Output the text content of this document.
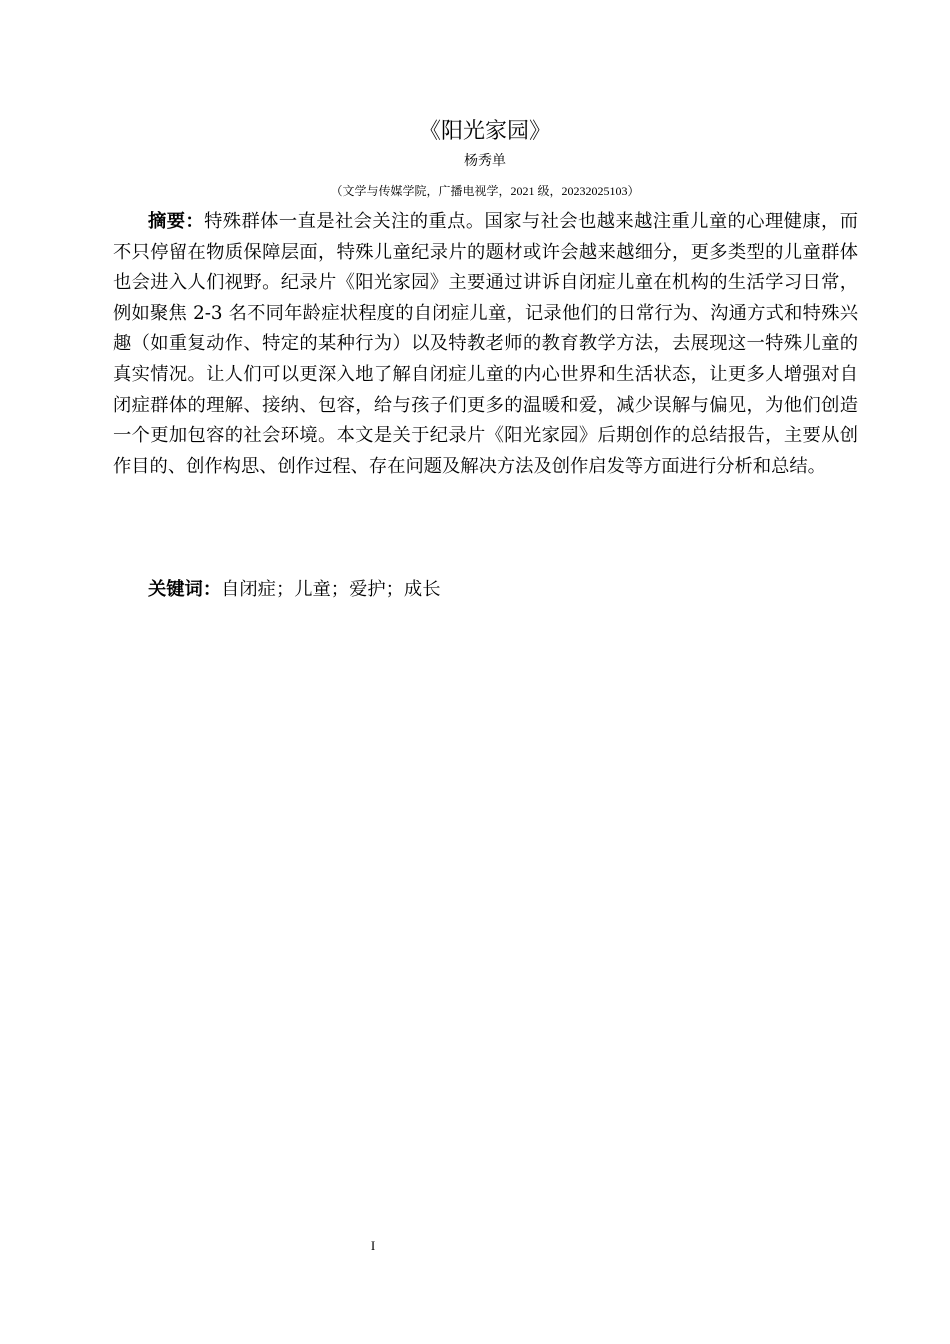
《阳光家园》
杨秀单
（文学与传媒学院，广播电视学，2021 级，20232025103）

摘要：特殊群体一直是社会关注的重点。国家与社会也越来越注重儿童的心理健康，而不只停留在物质保障层面，特殊儿童纪录片的题材或许会越来越细分，更多类型的儿童群体也会进入人们视野。纪录片《阳光家园》主要通过讲诉自闭症儿童在机构的生活学习日常，例如聚焦 2-3 名不同年龄症状程度的自闭症儿童，记录他们的日常行为、沟通方式和特殊兴趣（如重复动作、特定的某种行为）以及特教老师的教育教学方法，去展现这一特殊儿童的真实情况。让人们可以更深入地了解自闭症儿童的内心世界和生活状态，让更多人增强对自闭症群体的理解、接纳、包容，给与孩子们更多的温暖和爱，减少误解与偏见，为他们创造一个更加包容的社会环境。本文是关于纪录片《阳光家园》后期创作的总结报告，主要从创作目的、创作构思、创作过程、存在问题及解决方法及创作启发等方面进行分析和总结。

关键词：自闭症；儿童；爱护；成长

I
